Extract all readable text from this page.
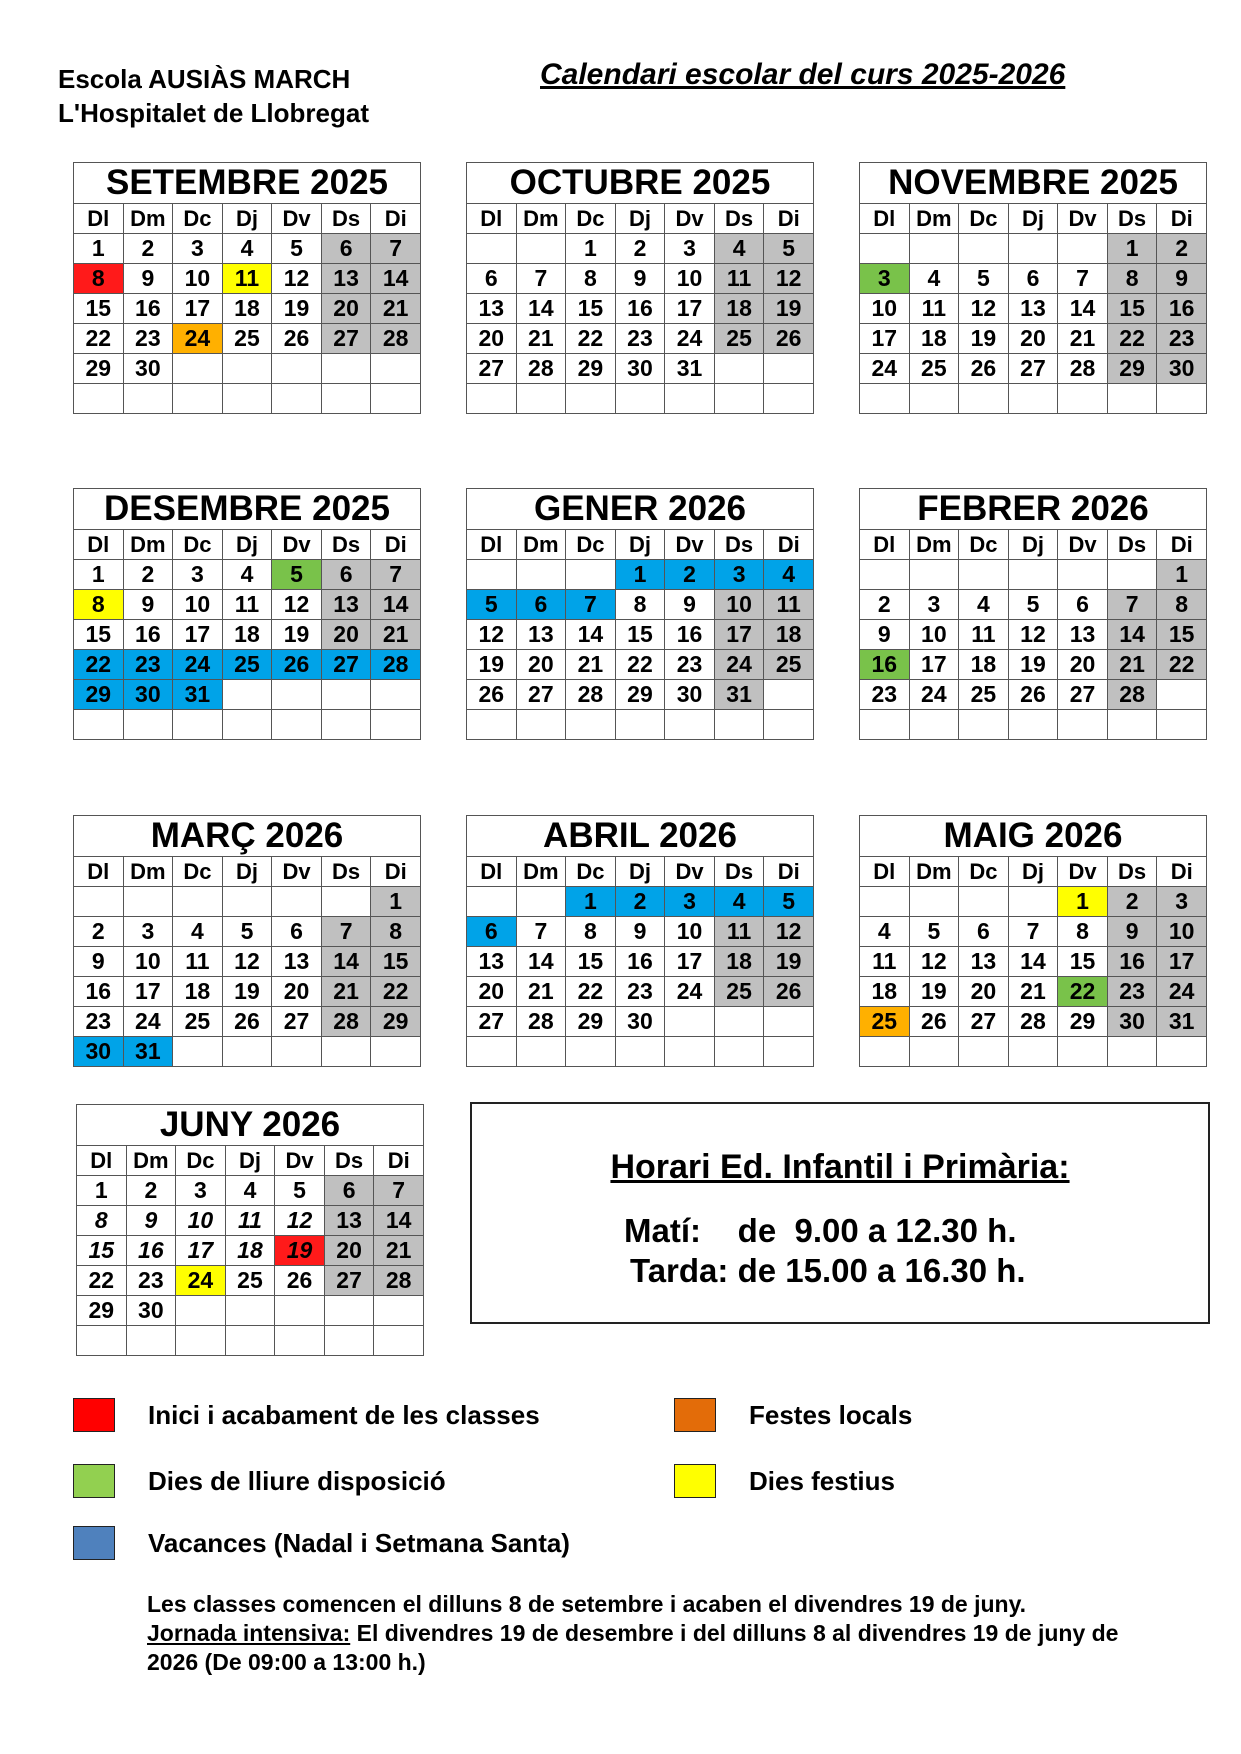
Escola AUSIÀS MARCH
L'Hospitalet de Llobregat
Calendari escolar del curs 2025-2026
SETEMBRE 2025						
Dl	Dm	Dc	Dj	Dv	Ds	Di
1	2	3	4	5	6	7
8	9	10	11	12	13	14
15	16	17	18	19	20	21
22	23	24	25	26	27	28
29	30					

OCTUBRE 2025						
Dl	Dm	Dc	Dj	Dv	Ds	Di
		1	2	3	4	5
6	7	8	9	10	11	12
13	14	15	16	17	18	19
20	21	22	23	24	25	26
27	28	29	30	31		

NOVEMBRE 2025						
Dl	Dm	Dc	Dj	Dv	Ds	Di
					1	2
3	4	5	6	7	8	9
10	11	12	13	14	15	16
17	18	19	20	21	22	23
24	25	26	27	28	29	30

DESEMBRE 2025						
Dl	Dm	Dc	Dj	Dv	Ds	Di
1	2	3	4	5	6	7
8	9	10	11	12	13	14
15	16	17	18	19	20	21
22	23	24	25	26	27	28
29	30	31				

GENER 2026						
Dl	Dm	Dc	Dj	Dv	Ds	Di
			1	2	3	4
5	6	7	8	9	10	11
12	13	14	15	16	17	18
19	20	21	22	23	24	25
26	27	28	29	30	31	

FEBRER 2026						
Dl	Dm	Dc	Dj	Dv	Ds	Di
						1
2	3	4	5	6	7	8
9	10	11	12	13	14	15
16	17	18	19	20	21	22
23	24	25	26	27	28	

MARÇ 2026						
Dl	Dm	Dc	Dj	Dv	Ds	Di
						1
2	3	4	5	6	7	8
9	10	11	12	13	14	15
16	17	18	19	20	21	22
23	24	25	26	27	28	29
30	31					
ABRIL 2026						
Dl	Dm	Dc	Dj	Dv	Ds	Di
		1	2	3	4	5
6	7	8	9	10	11	12
13	14	15	16	17	18	19
20	21	22	23	24	25	26
27	28	29	30			

MAIG 2026						
Dl	Dm	Dc	Dj	Dv	Ds	Di
				1	2	3
4	5	6	7	8	9	10
11	12	13	14	15	16	17
18	19	20	21	22	23	24
25	26	27	28	29	30	31

JUNY 2026						
Dl	Dm	Dc	Dj	Dv	Ds	Di
1	2	3	4	5	6	7
8	9	10	11	12	13	14
15	16	17	18	19	20	21
22	23	24	25	26	27	28
29	30					

Horari Ed. Infantil i Primària:
Matí:    de  9.00 a 12.30 h.
Tarda: de 15.00 a 16.30 h.
Inici i acabament de les classes	Festes locals
Dies de lliure disposició	Dies festius
Vacances (Nadal i Setmana Santa)
Les classes comencen el dilluns 8 de setembre i acaben el divendres 19 de juny.
Jornada intensiva: El divendres 19 de desembre i del dilluns 8 al divendres 19 de juny de 2026 (De 09:00 a 13:00 h.)
